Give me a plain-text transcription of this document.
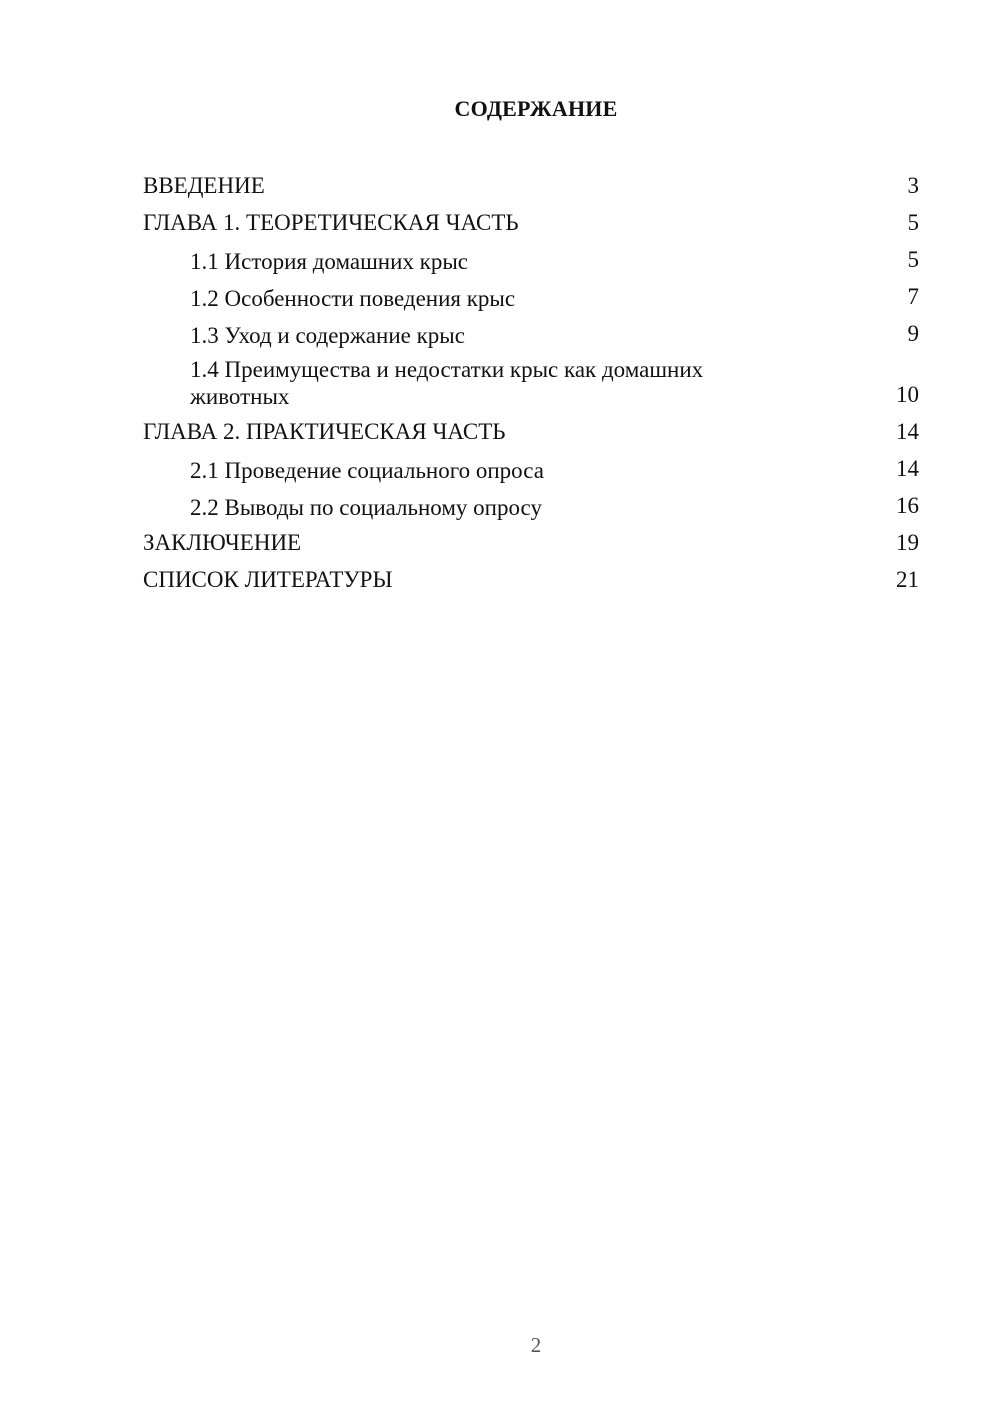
СОДЕРЖАНИЕ
ВВЕДЕНИЕ	3
ГЛАВА 1. ТЕОРЕТИЧЕСКАЯ ЧАСТЬ	5
1.1 История домашних крыс	5
1.2 Особенности поведения крыс	7
1.3 Уход и содержание крыс	9
1.4 Преимущества и недостатки крыс как домашних животных	10
ГЛАВА 2. ПРАКТИЧЕСКАЯ ЧАСТЬ	14
2.1 Проведение социального опроса	14
2.2 Выводы по социальному опросу	16
ЗАКЛЮЧЕНИЕ	19
СПИСОК ЛИТЕРАТУРЫ	21
2
